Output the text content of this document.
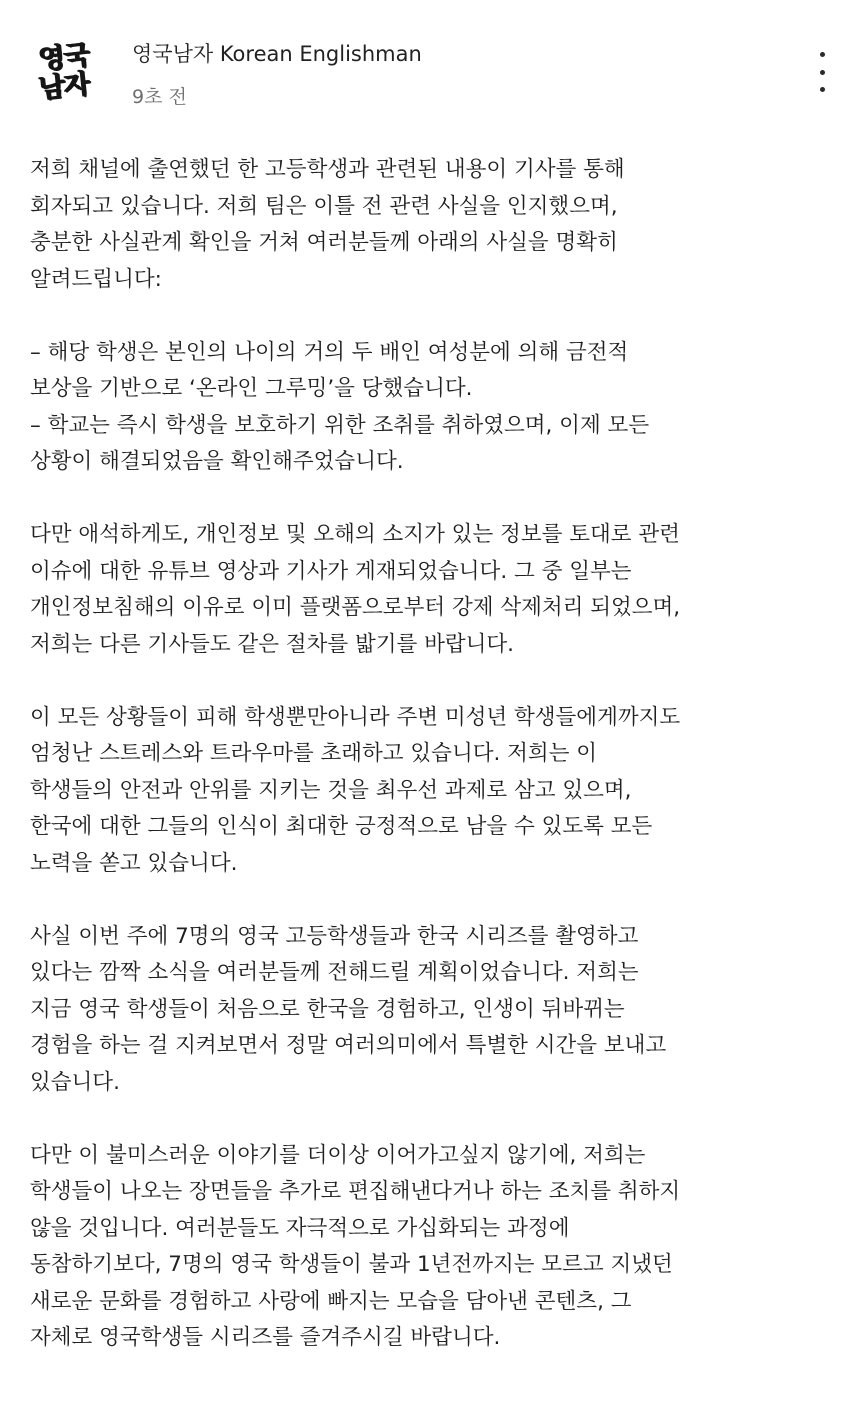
영국
남자
영국남자 Korean Englishman
9초 전
저희 채널에 출연했던 한 고등학생과 관련된 내용이 기사를 통해
회자되고 있습니다. 저희 팀은 이틀 전 관련 사실을 인지했으며,
충분한 사실관계 확인을 거쳐 여러분들께 아래의 사실을 명확히
알려드립니다:
– 해당 학생은 본인의 나이의 거의 두 배인 여성분에 의해 금전적
보상을 기반으로 ‘온라인 그루밍’을 당했습니다.
– 학교는 즉시 학생을 보호하기 위한 조취를 취하였으며, 이제 모든
상황이 해결되었음을 확인해주었습니다.
다만 애석하게도, 개인정보 및 오해의 소지가 있는 정보를 토대로 관련
이슈에 대한 유튜브 영상과 기사가 게재되었습니다. 그 중 일부는
개인정보침해의 이유로 이미 플랫폼으로부터 강제 삭제처리 되었으며,
저희는 다른 기사들도 같은 절차를 밟기를 바랍니다.
이 모든 상황들이 피해 학생뿐만아니라 주변 미성년 학생들에게까지도
엄청난 스트레스와 트라우마를 초래하고 있습니다. 저희는 이
학생들의 안전과 안위를 지키는 것을 최우선 과제로 삼고 있으며,
한국에 대한 그들의 인식이 최대한 긍정적으로 남을 수 있도록 모든
노력을 쏟고 있습니다.
사실 이번 주에 7명의 영국 고등학생들과 한국 시리즈를 촬영하고
있다는 깜짝 소식을 여러분들께 전해드릴 계획이었습니다. 저희는
지금 영국 학생들이 처음으로 한국을 경험하고, 인생이 뒤바뀌는
경험을 하는 걸 지켜보면서 정말 여러의미에서 특별한 시간을 보내고
있습니다.
다만 이 불미스러운 이야기를 더이상 이어가고싶지 않기에, 저희는
학생들이 나오는 장면들을 추가로 편집해낸다거나 하는 조치를 취하지
않을 것입니다. 여러분들도 자극적으로 가십화되는 과정에
동참하기보다, 7명의 영국 학생들이 불과 1년전까지는 모르고 지냈던
새로운 문화를 경험하고 사랑에 빠지는 모습을 담아낸 콘텐츠, 그
자체로 영국학생들 시리즈를 즐겨주시길 바랍니다.
